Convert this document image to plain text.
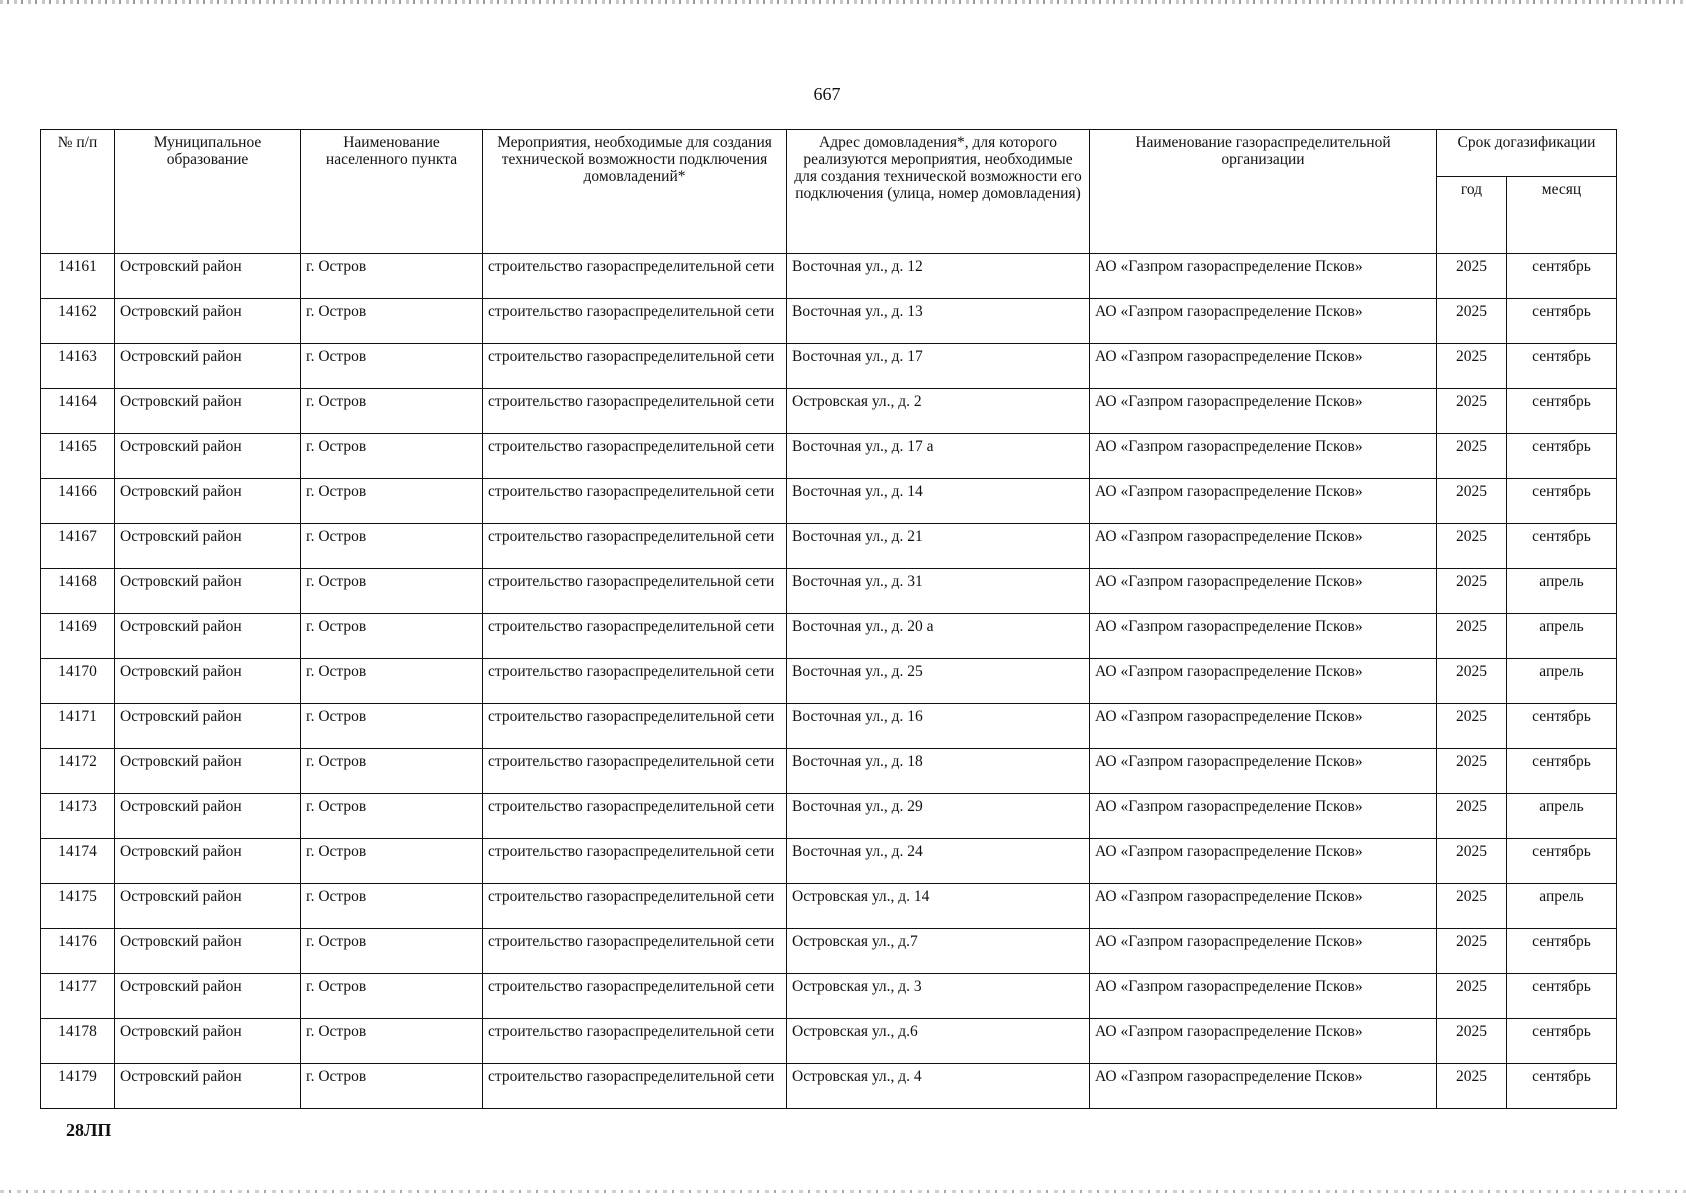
667
№ п/п	Муниципальное образование	Наименование населенного пункта	Мероприятия, необходимые для создания технической возможности подключения домовладений*	Адрес домовладения*, для которого реализуются мероприятия, необходимые для создания технической возможности его подключения (улица, номер домовладения)	Наименование газораспределительной организации	Срок догазификации	
						год	месяц
14161	Островский район	г. Остров	строительство газораспределительной сети	Восточная ул., д. 12	АО «Газпром газораспределение Псков»	2025	сентябрь
14162	Островский район	г. Остров	строительство газораспределительной сети	Восточная ул., д. 13	АО «Газпром газораспределение Псков»	2025	сентябрь
14163	Островский район	г. Остров	строительство газораспределительной сети	Восточная ул., д. 17	АО «Газпром газораспределение Псков»	2025	сентябрь
14164	Островский район	г. Остров	строительство газораспределительной сети	Островская ул., д. 2	АО «Газпром газораспределение Псков»	2025	сентябрь
14165	Островский район	г. Остров	строительство газораспределительной сети	Восточная ул., д. 17 а	АО «Газпром газораспределение Псков»	2025	сентябрь
14166	Островский район	г. Остров	строительство газораспределительной сети	Восточная ул., д. 14	АО «Газпром газораспределение Псков»	2025	сентябрь
14167	Островский район	г. Остров	строительство газораспределительной сети	Восточная ул., д. 21	АО «Газпром газораспределение Псков»	2025	сентябрь
14168	Островский район	г. Остров	строительство газораспределительной сети	Восточная ул., д. 31	АО «Газпром газораспределение Псков»	2025	апрель
14169	Островский район	г. Остров	строительство газораспределительной сети	Восточная ул., д. 20 а	АО «Газпром газораспределение Псков»	2025	апрель
14170	Островский район	г. Остров	строительство газораспределительной сети	Восточная ул., д. 25	АО «Газпром газораспределение Псков»	2025	апрель
14171	Островский район	г. Остров	строительство газораспределительной сети	Восточная ул., д. 16	АО «Газпром газораспределение Псков»	2025	сентябрь
14172	Островский район	г. Остров	строительство газораспределительной сети	Восточная ул., д. 18	АО «Газпром газораспределение Псков»	2025	сентябрь
14173	Островский район	г. Остров	строительство газораспределительной сети	Восточная ул., д. 29	АО «Газпром газораспределение Псков»	2025	апрель
14174	Островский район	г. Остров	строительство газораспределительной сети	Восточная ул., д. 24	АО «Газпром газораспределение Псков»	2025	сентябрь
14175	Островский район	г. Остров	строительство газораспределительной сети	Островская ул., д. 14	АО «Газпром газораспределение Псков»	2025	апрель
14176	Островский район	г. Остров	строительство газораспределительной сети	Островская ул., д.7	АО «Газпром газораспределение Псков»	2025	сентябрь
14177	Островский район	г. Остров	строительство газораспределительной сети	Островская ул., д. 3	АО «Газпром газораспределение Псков»	2025	сентябрь
14178	Островский район	г. Остров	строительство газораспределительной сети	Островская ул., д.6	АО «Газпром газораспределение Псков»	2025	сентябрь
14179	Островский район	г. Остров	строительство газораспределительной сети	Островская ул., д. 4	АО «Газпром газораспределение Псков»	2025	сентябрь
28ЛП
